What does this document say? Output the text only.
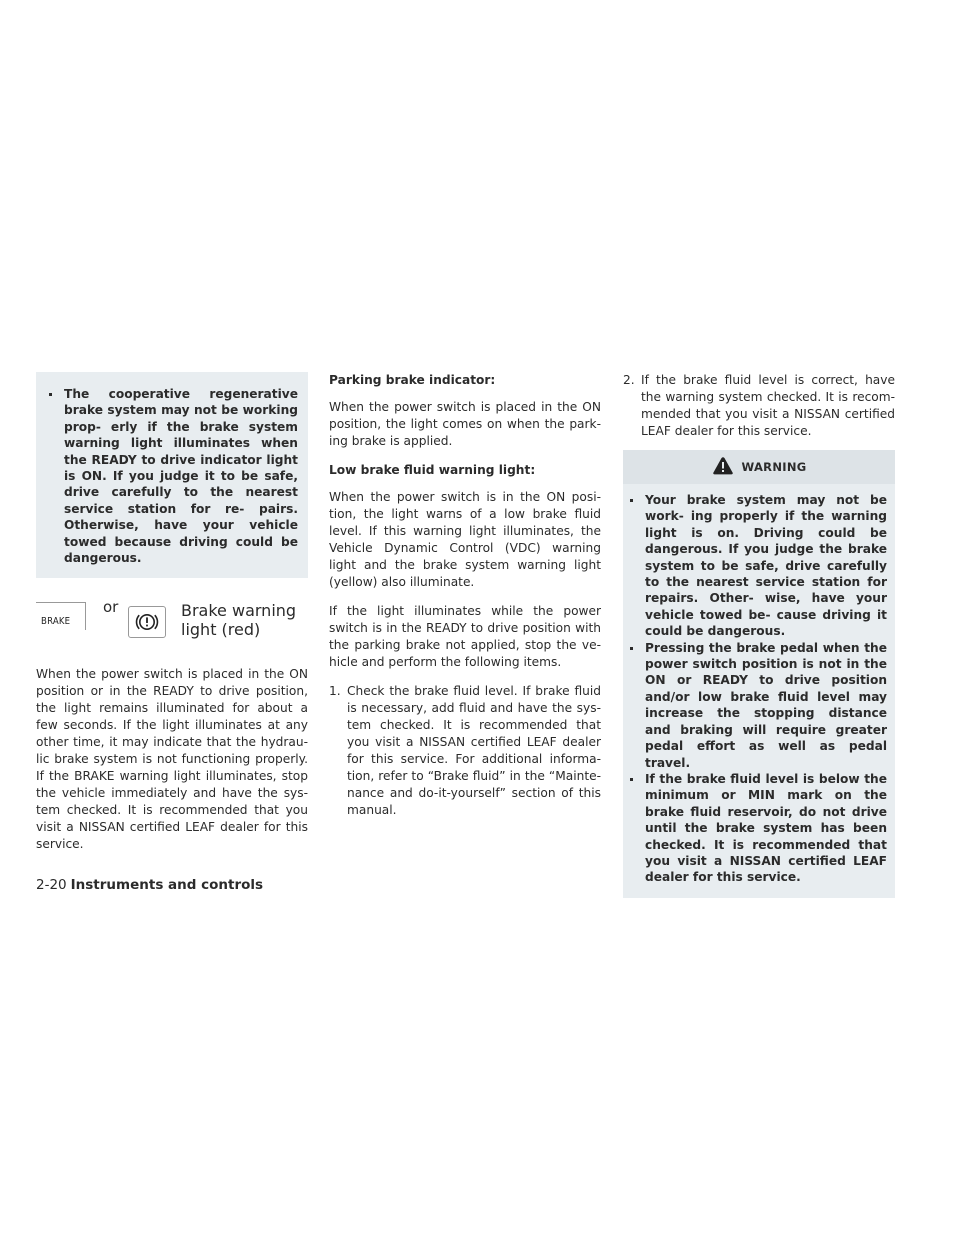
The cooperative regenerative brake system may not be working prop- erly if the brake system warning light illuminates when the READY to drive indicator light is ON. If you judge it to be safe, drive carefully to the nearest service station for re- pairs. Otherwise, have your vehicle towed because driving could be dangerous.
BRAKE
or	Brake warning
light (red)

When the power switch is placed in the ON position or in the READY to drive position, the light remains illuminated for about a few seconds. If the light illuminates at any other time, it may indicate that the hydrau- lic brake system is not functioning properly. If the BRAKE warning light illuminates, stop the vehicle immediately and have the sys- tem checked. It is recommended that you visit a NISSAN certified LEAF dealer for this service.

Parking brake indicator:

When the power switch is placed in the ON position, the light comes on when the park- ing brake is applied.

Low brake fluid warning light:

When the power switch is in the ON posi- tion, the light warns of a low brake fluid level. If this warning light illuminates, the Vehicle Dynamic Control (VDC) warning light and the brake system warning light (yellow) also illuminate.

If the light illuminates while the power switch is in the READY to drive position with the parking brake not applied, stop the ve- hicle and perform the following items.

1. Check the brake fluid level. If brake fluid is necessary, add fluid and have the sys- tem checked. It is recommended that you visit a NISSAN certified LEAF dealer for this service. For additional informa- tion, refer to “Brake fluid” in the “Mainte- nance and do-it-yourself” section of this manual.
2. If the brake fluid level is correct, have the warning system checked. It is recom- mended that you visit a NISSAN certified LEAF dealer for this service.
WARNING
Your brake system may not be work- ing properly if the warning light is on. Driving could be dangerous. If you judge the brake system to be safe, drive carefully to the nearest service station for repairs. Other- wise, have your vehicle towed be- cause driving it could be dangerous.
Pressing the brake pedal when the power switch position is not in the ON or READY to drive position and/or low brake fluid level may increase the stopping distance and braking will require greater pedal effort as well as pedal travel.
If the brake fluid level is below the minimum or MIN mark on the brake fluid reservoir, do not drive until the brake system has been checked. It is recommended that you visit a NISSAN certified LEAF dealer for this service.
2-20 Instruments and controls
